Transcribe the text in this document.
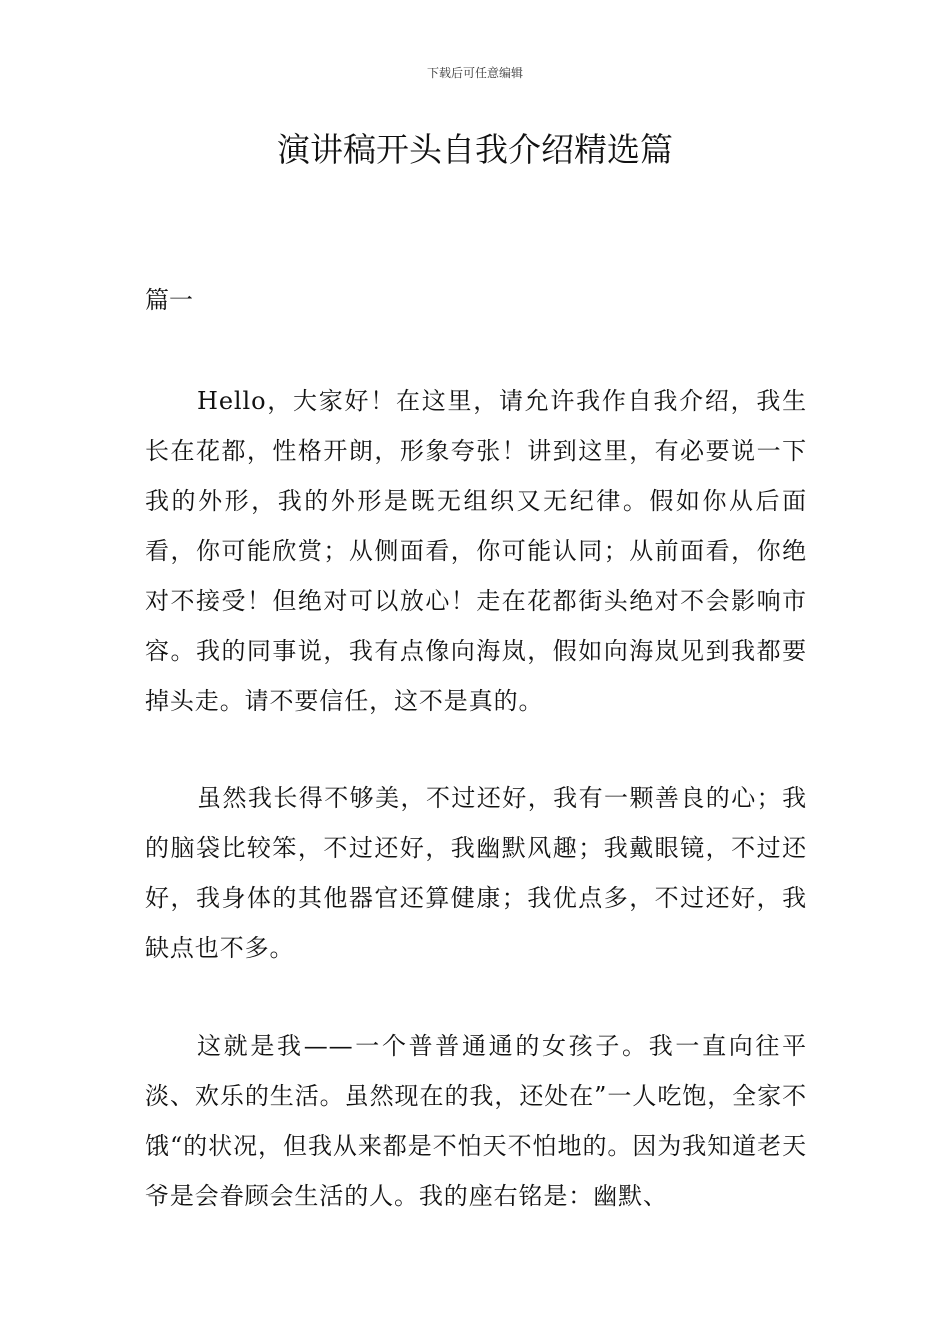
下载后可任意编辑
演讲稿开头自我介绍精选篇
篇一

Hello，大家好！在这里，请允许我作自我介绍，我生长在花都，性格开朗，形象夸张！讲到这里，有必要说一下我的外形，我的外形是既无组织又无纪律。假如你从后面看，你可能欣赏；从侧面看，你可能认同；从前面看，你绝对不接受！但绝对可以放心！走在花都街头绝对不会影响市容。我的同事说，我有点像向海岚，假如向海岚见到我都要掉头走。请不要信任，这不是真的。

虽然我长得不够美，不过还好，我有一颗善良的心；我的脑袋比较笨，不过还好，我幽默风趣；我戴眼镜，不过还好，我身体的其他器官还算健康；我优点多，不过还好，我缺点也不多。

这就是我——一个普普通通的女孩子。我一直向往平淡、欢乐的生活。虽然现在的我，还处在”一人吃饱，全家不饿“的状况，但我从来都是不怕天不怕地的。因为我知道老天爷是会眷顾会生活的人。我的座右铭是：幽默、
